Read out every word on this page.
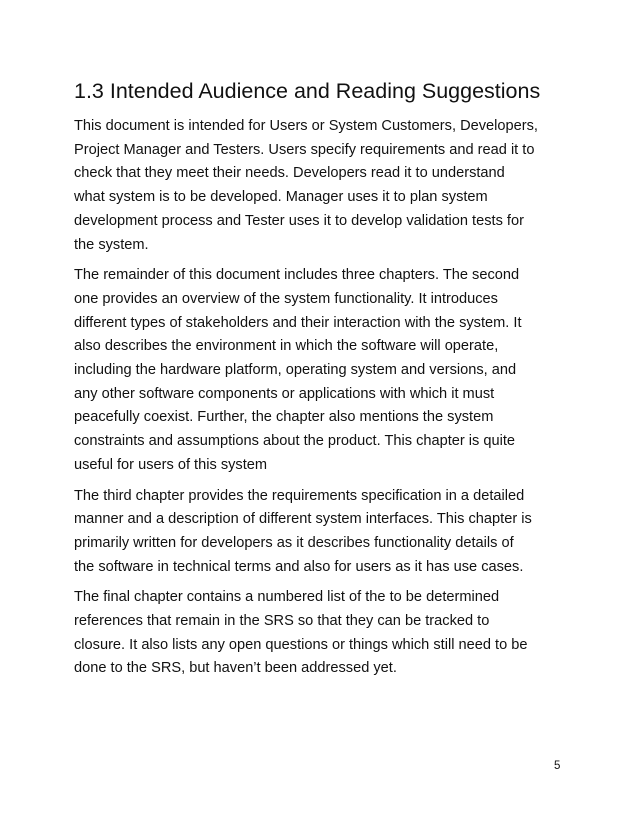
1.3 Intended Audience and Reading Suggestions

This document is intended for Users or System Customers, Developers,
Project Manager and Testers. Users specify requirements and read it to
check that they meet their needs. Developers read it to understand
what system is to be developed. Manager uses it to plan system
development process and Tester uses it to develop validation tests for
the system.

The remainder of this document includes three chapters. The second
one provides an overview of the system functionality. It introduces
different types of stakeholders and their interaction with the system. It
also describes the environment in which the software will operate,
including the hardware platform, operating system and versions, and
any other software components or applications with which it must
peacefully coexist. Further, the chapter also mentions the system
constraints and assumptions about the product. This chapter is quite
useful for users of this system

The third chapter provides the requirements specification in a detailed
manner and a description of different system interfaces. This chapter is
primarily written for developers as it describes functionality details of
the software in technical terms and also for users as it has use cases.

The final chapter contains a numbered list of the to be determined
references that remain in the SRS so that they can be tracked to
closure. It also lists any open questions or things which still need to be
done to the SRS, but haven’t been addressed yet.

5
